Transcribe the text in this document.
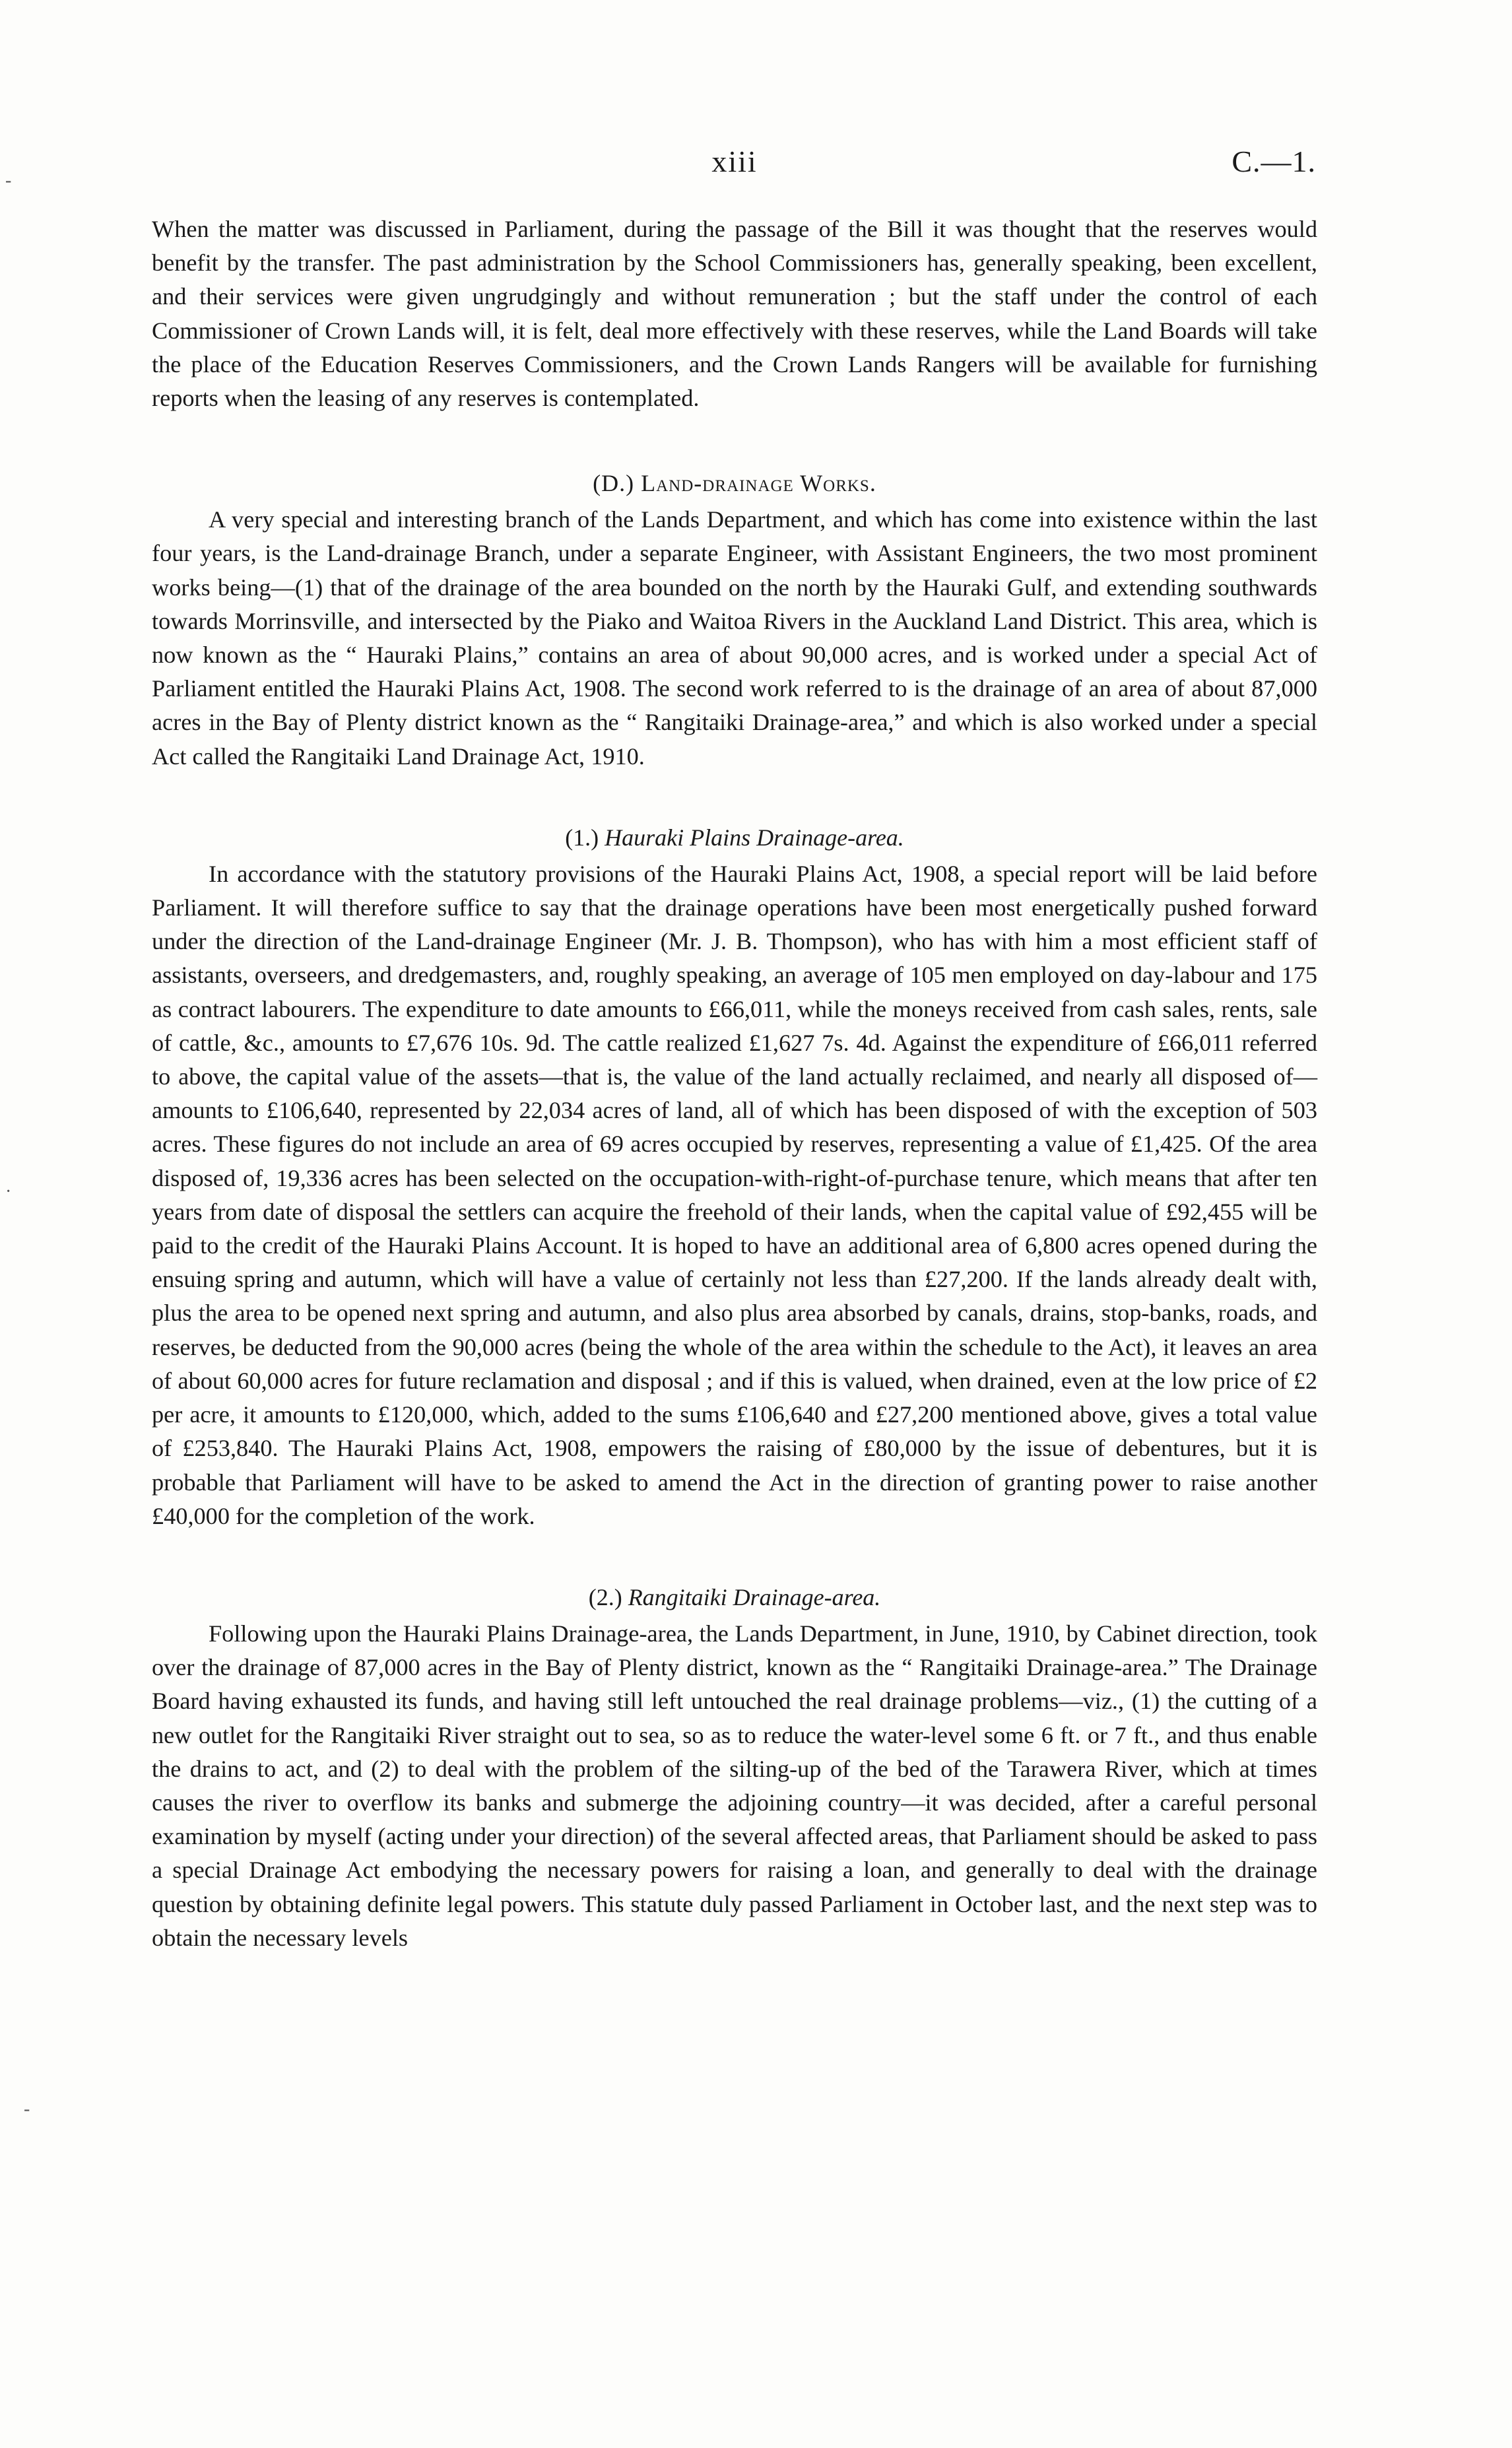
xiii	C.—1.
-
·
-

When the matter was discussed in Parliament, during the passage of the Bill it was thought that the reserves would benefit by the transfer. The past administration by the School Commissioners has, generally speaking, been excellent, and their services were given ungrudgingly and without remuneration ; but the staff under the control of each Commissioner of Crown Lands will, it is felt, deal more effectively with these reserves, while the Land Boards will take the place of the Education Reserves Commissioners, and the Crown Lands Rangers will be available for furnishing reports when the leasing of any reserves is contemplated.

(D.) Land-drainage Works.

A very special and interesting branch of the Lands Department, and which has come into existence within the last four years, is the Land-drainage Branch, under a separate Engineer, with Assistant Engineers, the two most prominent works being—(1) that of the drainage of the area bounded on the north by the Hauraki Gulf, and extending southwards towards Morrinsville, and intersected by the Piako and Waitoa Rivers in the Auckland Land District. This area, which is now known as the “ Hauraki Plains,” contains an area of about 90,000 acres, and is worked under a special Act of Parliament entitled the Hauraki Plains Act, 1908. The second work referred to is the drainage of an area of about 87,000 acres in the Bay of Plenty district known as the “ Rangitaiki Drainage-area,” and which is also worked under a special Act called the Rangitaiki Land Drainage Act, 1910.

(1.) Hauraki Plains Drainage-area.

In accordance with the statutory provisions of the Hauraki Plains Act, 1908, a special report will be laid before Parliament. It will therefore suffice to say that the drainage operations have been most energetically pushed forward under the direction of the Land-drainage Engineer (Mr. J. B. Thompson), who has with him a most efficient staff of assistants, overseers, and dredgemasters, and, roughly speaking, an average of 105 men employed on day-labour and 175 as contract labourers. The expenditure to date amounts to £66,011, while the moneys received from cash sales, rents, sale of cattle, &c., amounts to £7,676 10s. 9d. The cattle realized £1,627 7s. 4d. Against the expenditure of £66,011 referred to above, the capital value of the assets—that is, the value of the land actually reclaimed, and nearly all disposed of—amounts to £106,640, represented by 22,034 acres of land, all of which has been disposed of with the exception of 503 acres. These figures do not include an area of 69 acres occupied by reserves, representing a value of £1,425. Of the area disposed of, 19,336 acres has been selected on the occupation-with-right-of-purchase tenure, which means that after ten years from date of disposal the settlers can acquire the freehold of their lands, when the capital value of £92,455 will be paid to the credit of the Hauraki Plains Account. It is hoped to have an additional area of 6,800 acres opened during the ensuing spring and autumn, which will have a value of certainly not less than £27,200. If the lands already dealt with, plus the area to be opened next spring and autumn, and also plus area absorbed by canals, drains, stop-banks, roads, and reserves, be deducted from the 90,000 acres (being the whole of the area within the schedule to the Act), it leaves an area of about 60,000 acres for future reclamation and disposal ; and if this is valued, when drained, even at the low price of £2 per acre, it amounts to £120,000, which, added to the sums £106,640 and £27,200 mentioned above, gives a total value of £253,840. The Hauraki Plains Act, 1908, empowers the raising of £80,000 by the issue of debentures, but it is probable that Parliament will have to be asked to amend the Act in the direction of granting power to raise another £40,000 for the completion of the work.

(2.) Rangitaiki Drainage-area.

Following upon the Hauraki Plains Drainage-area, the Lands Department, in June, 1910, by Cabinet direction, took over the drainage of 87,000 acres in the Bay of Plenty district, known as the “ Rangitaiki Drainage-area.” The Drainage Board having exhausted its funds, and having still left untouched the real drainage problems—viz., (1) the cutting of a new outlet for the Rangitaiki River straight out to sea, so as to reduce the water-level some 6 ft. or 7 ft., and thus enable the drains to act, and (2) to deal with the problem of the silting-up of the bed of the Tarawera River, which at times causes the river to overflow its banks and submerge the adjoining country—it was decided, after a careful personal examination by myself (acting under your direction) of the several affected areas, that Parliament should be asked to pass a special Drainage Act embodying the necessary powers for raising a loan, and generally to deal with the drainage question by obtaining definite legal powers. This statute duly passed Parliament in October last, and the next step was to obtain the necessary levels
